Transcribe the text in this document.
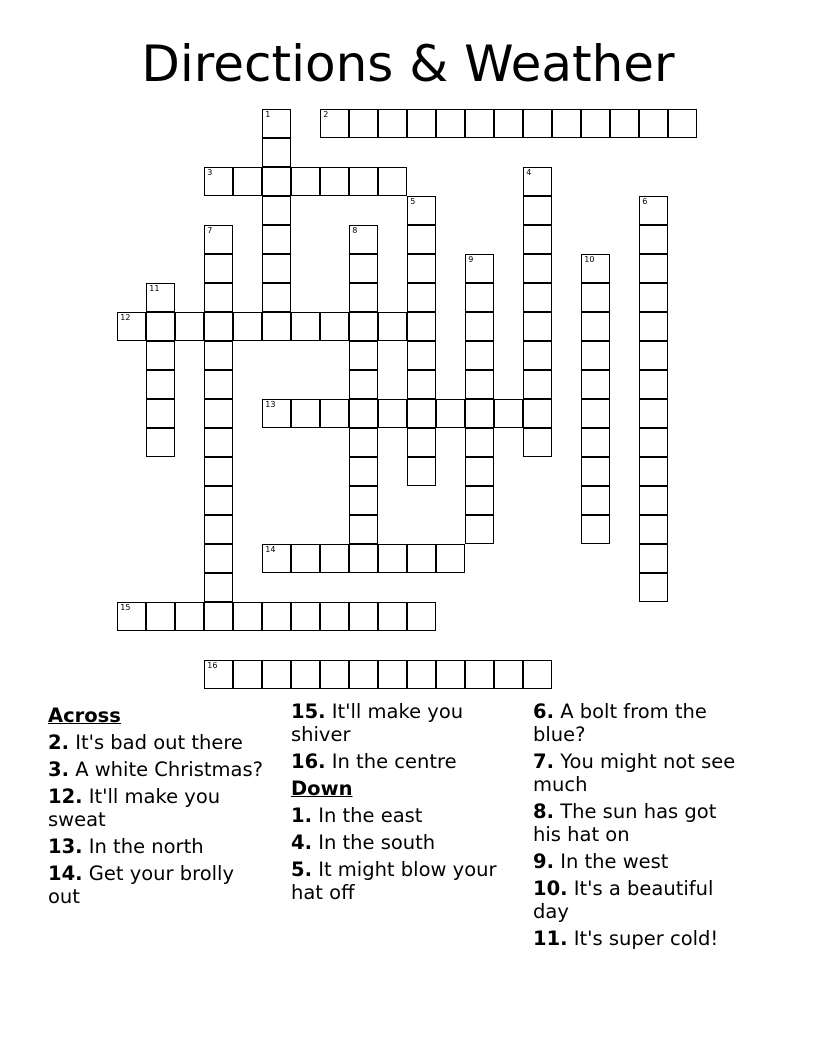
Directions & Weather
1	2
3	4
5	6
7	8
9	10
11
12
13
14
15
16
Across
2. It's bad out there
3. A white Christmas?
12. It'll make you sweat
13. In the north
14. Get your brolly out
15. It'll make you shiver
16. In the centre
Down
1. In the east
4. In the south
5. It might blow your hat off
6. A bolt from the blue?
7. You might not see much
8. The sun has got his hat on
9. In the west
10. It's a beautiful day
11. It's super cold!
